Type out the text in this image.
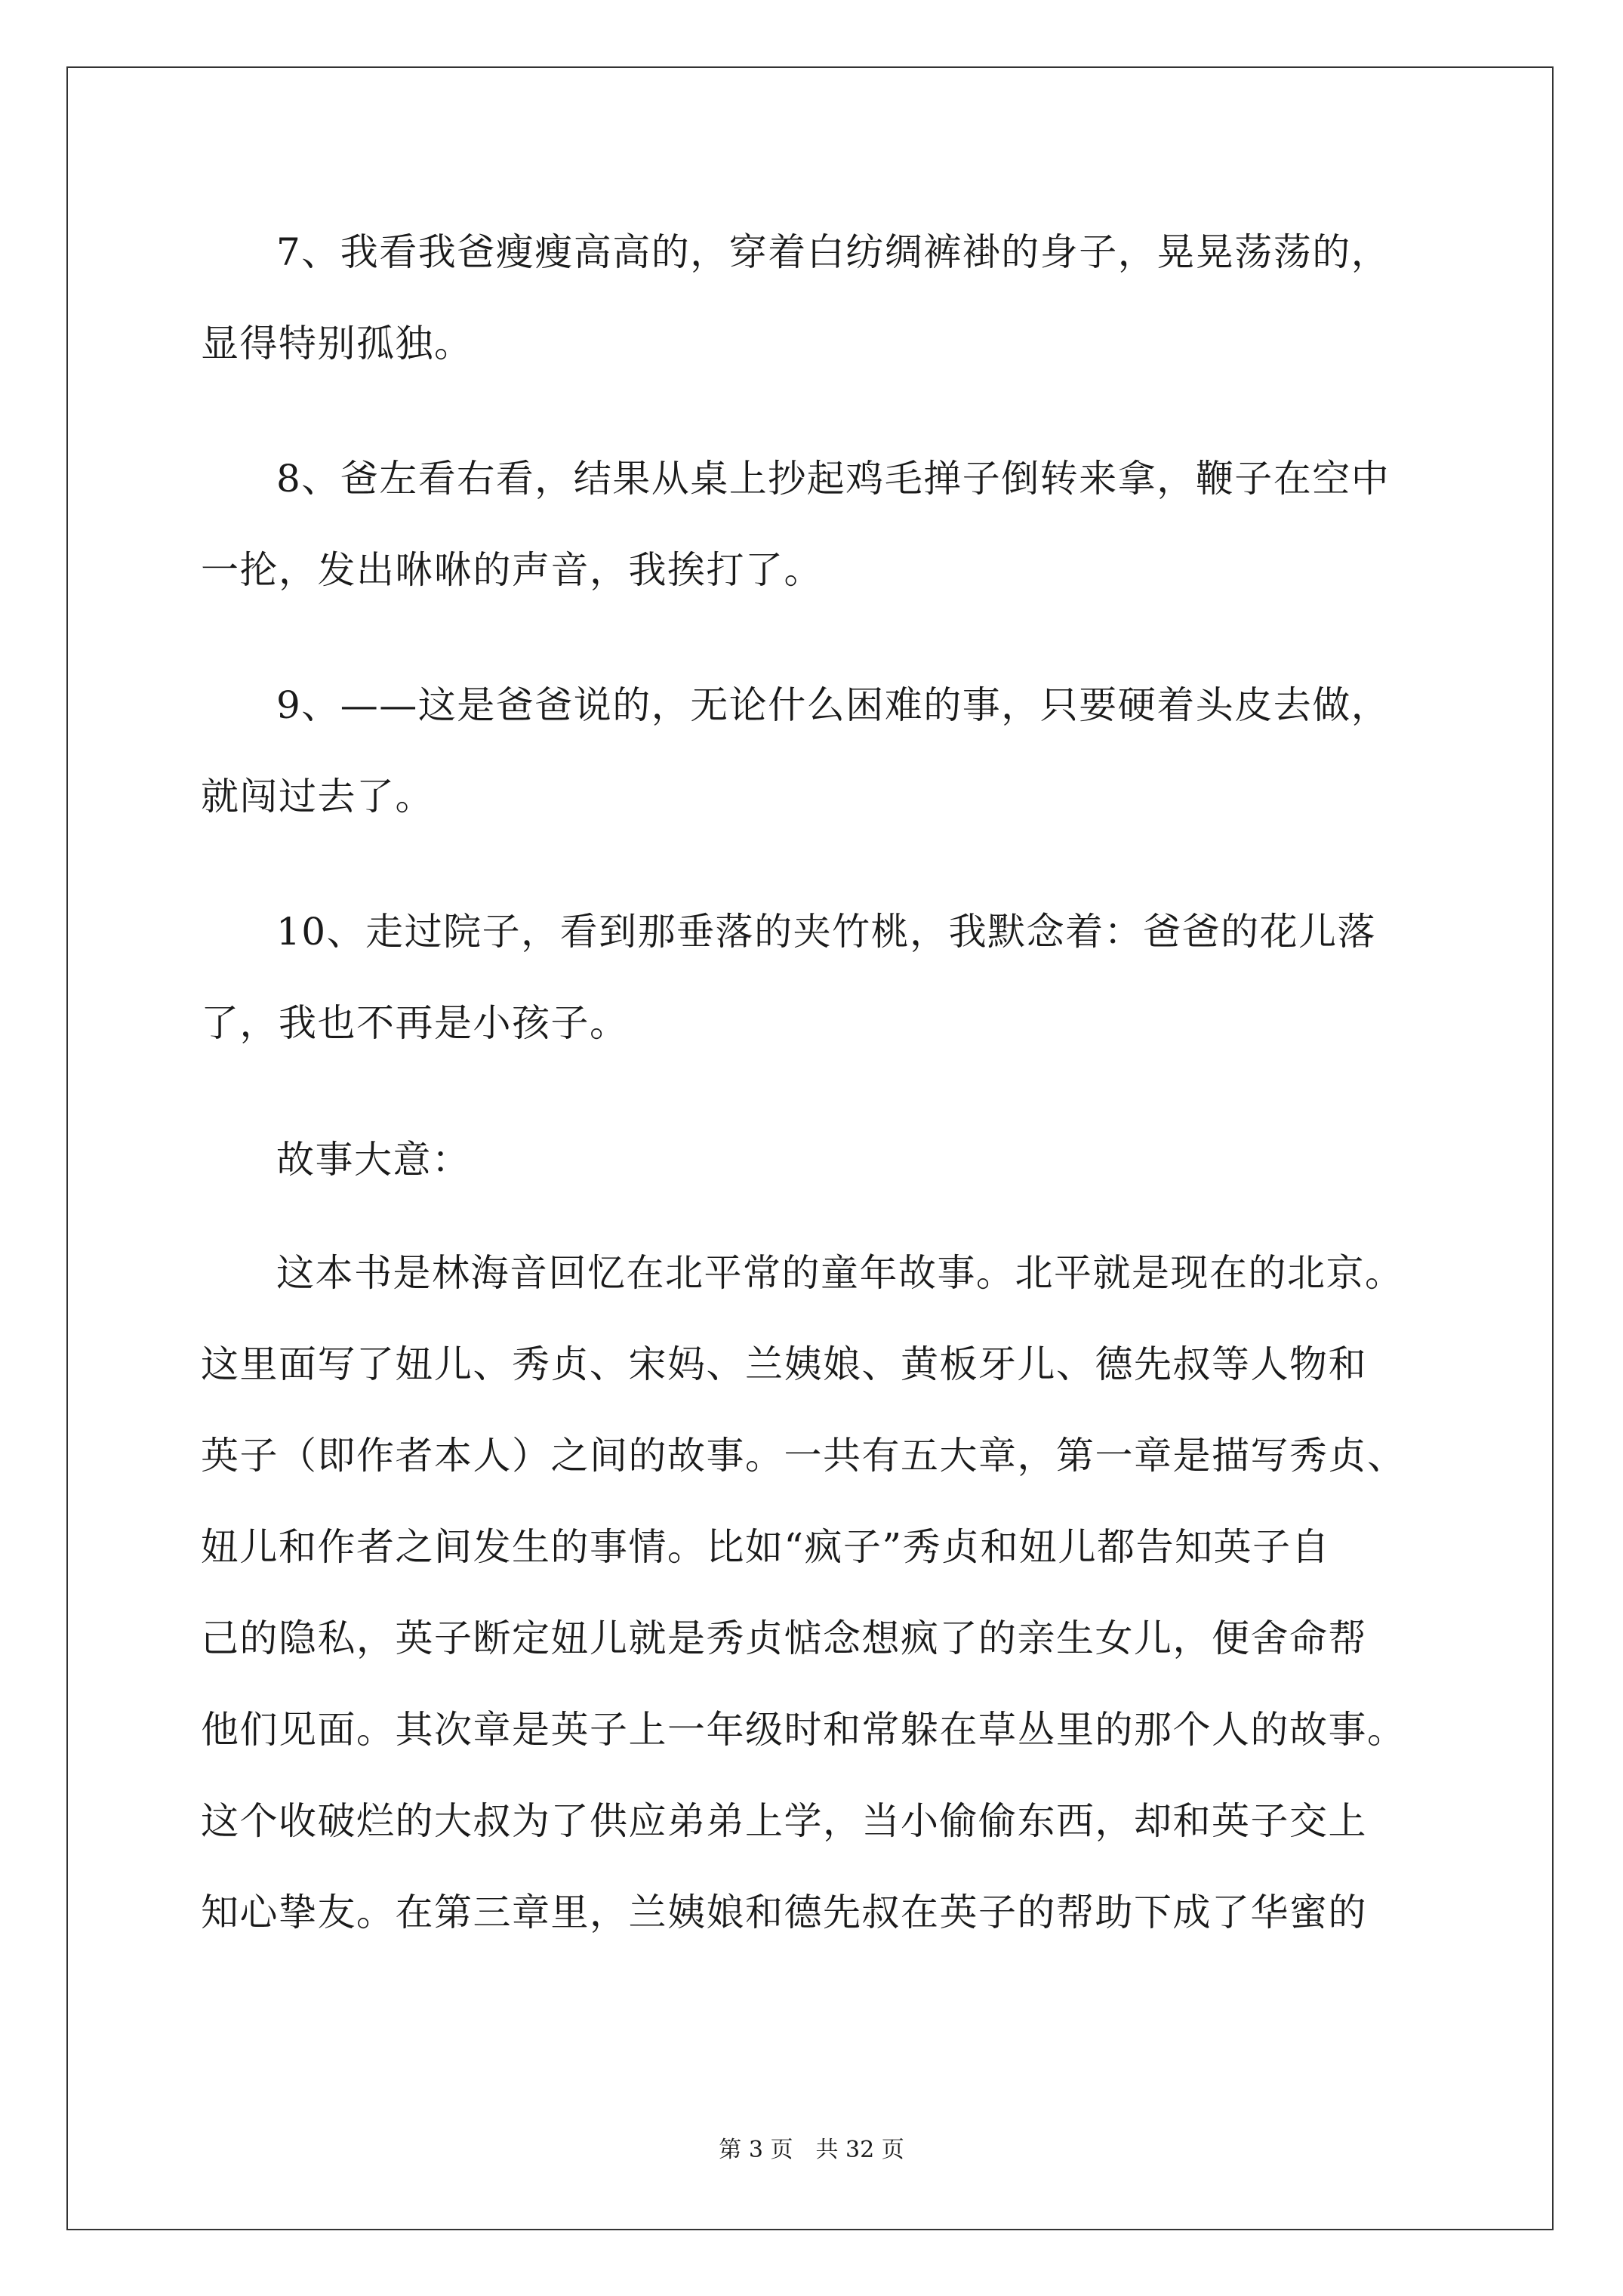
7、我看我爸瘦瘦高高的，穿着白纺绸裤褂的身子，晃晃荡荡的，
显得特别孤独。

8、爸左看右看，结果从桌上抄起鸡毛掸子倒转来拿，鞭子在空中
一抡，发出咻咻的声音，我挨打了。

9、——这是爸爸说的，无论什么困难的事，只要硬着头皮去做，
就闯过去了。

10、走过院子，看到那垂落的夹竹桃，我默念着：爸爸的花儿落
了，我也不再是小孩子。

故事大意：

这本书是林海音回忆在北平常的童年故事。北平就是现在的北京。
这里面写了妞儿、秀贞、宋妈、兰姨娘、黄板牙儿、德先叔等人物和
英子（即作者本人）之间的故事。一共有五大章，第一章是描写秀贞、
妞儿和作者之间发生的事情。比如“疯子”秀贞和妞儿都告知英子自
己的隐私，英子断定妞儿就是秀贞惦念想疯了的亲生女儿，便舍命帮
他们见面。其次章是英子上一年级时和常躲在草丛里的那个人的故事。
这个收破烂的大叔为了供应弟弟上学，当小偷偷东西，却和英子交上
知心挚友。在第三章里，兰姨娘和德先叔在英子的帮助下成了华蜜的

第 3 页　共 32 页
